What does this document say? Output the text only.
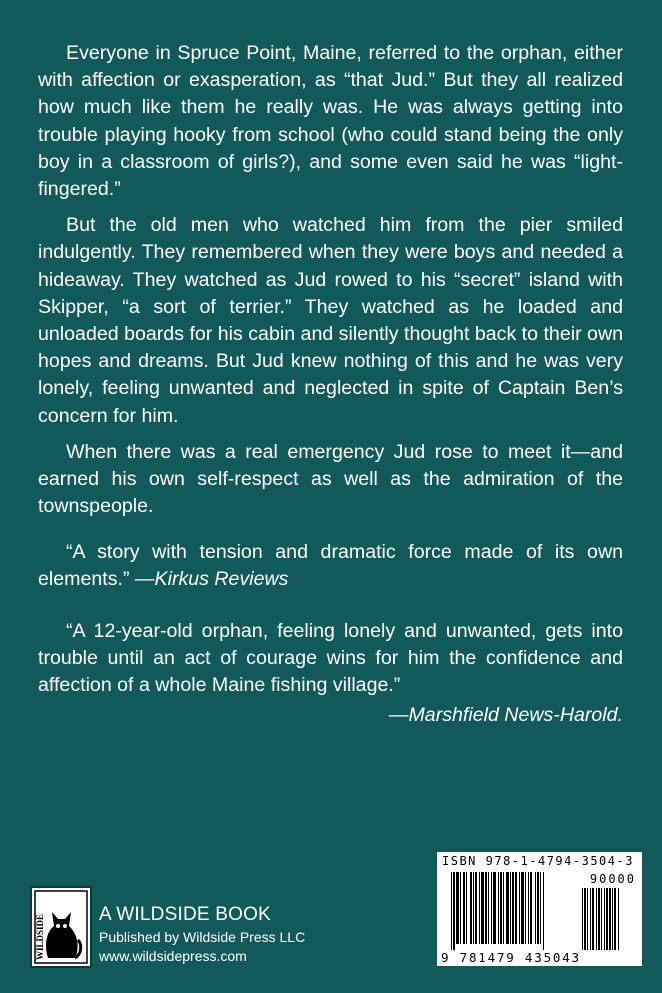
Everyone in Spruce Point, Maine, referred to the orphan, either with affection or exasperation, as “that Jud.” But they all realized how much like them he really was. He was always getting into trouble playing hooky from school (who could stand being the only boy in a classroom of girls?), and some even said he was “light-fingered.”

But the old men who watched him from the pier smiled indulgently. They remembered when they were boys and needed a hideaway. They watched as Jud rowed to his “secret” island with Skipper, “a sort of terrier.” They watched as he loaded and unloaded boards for his cabin and silently thought back to their own hopes and dreams. But Jud knew nothing of this and he was very lonely, feeling unwanted and neglected in spite of Captain Ben’s concern for him.

When there was a real emergency Jud rose to meet it—and earned his own self-respect as well as the admiration of the townspeople.

“A story with tension and dramatic force made of its own elements.” —Kirkus Reviews

“A 12-year-old orphan, feeling lonely and unwanted, gets into trouble until an act of courage wins for him the confidence and affection of a whole Maine fishing village.”

—Marshfield News-Harold.
WILDSIDE	A WILDSIDE BOOK
Published by Wildside Press LLC
www.wildsidepress.com
ISBN 978-1-4794-3504-3
90000
9 781479 435043
